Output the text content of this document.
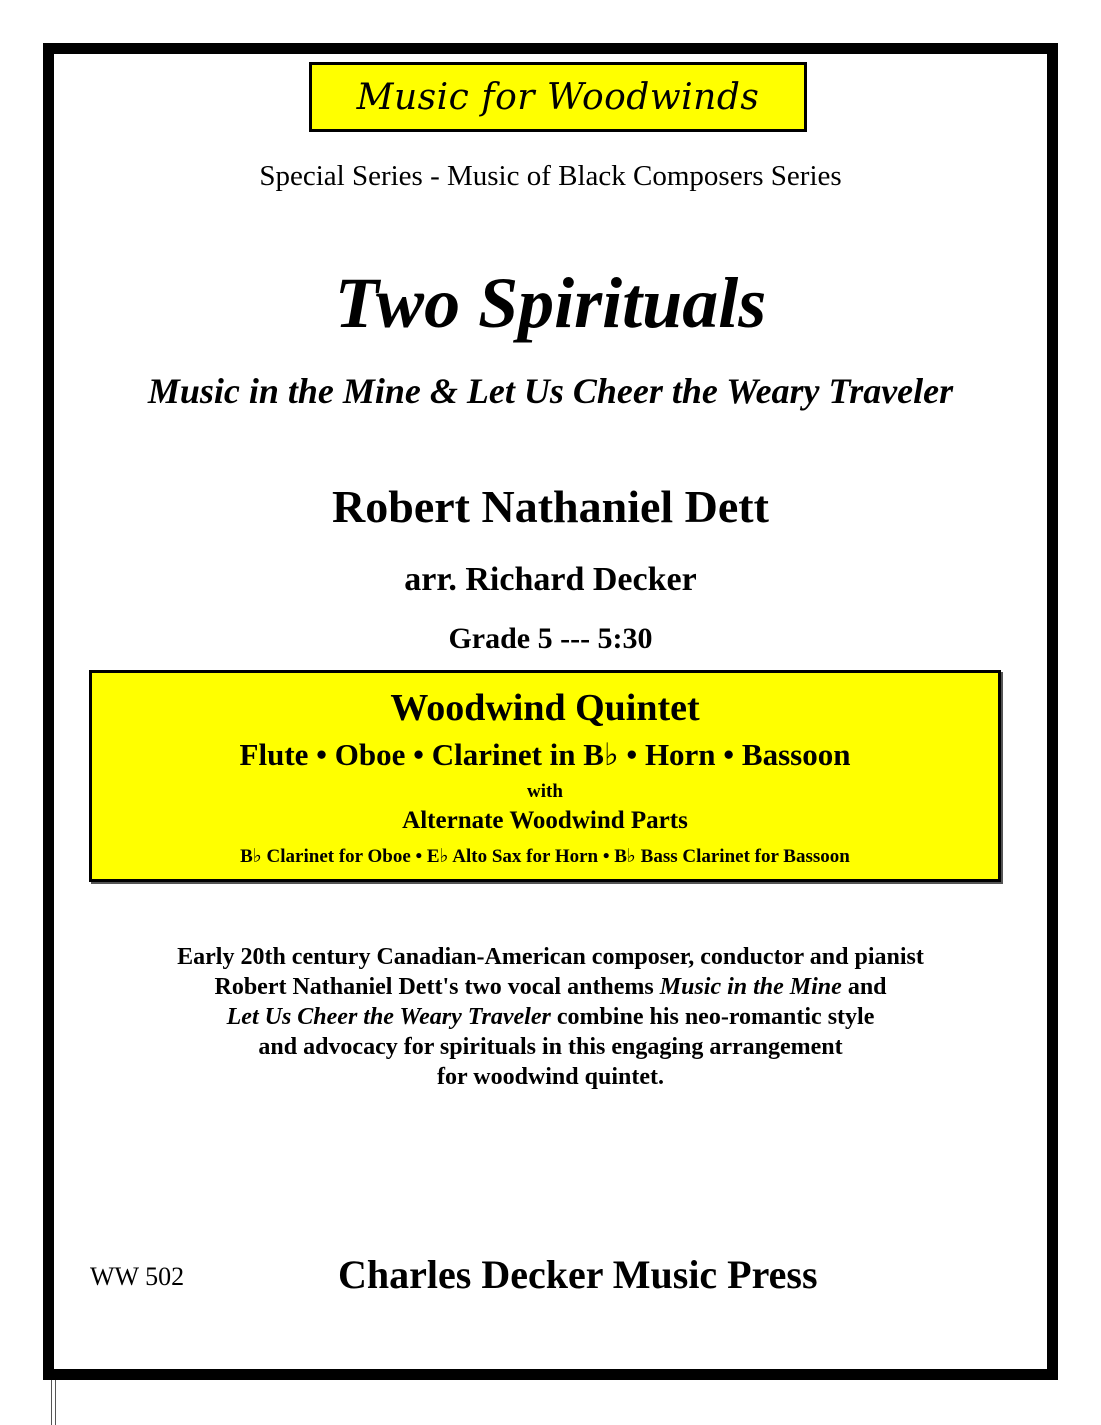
Music for Woodwinds
Special Series - Music of Black Composers Series
Two Spirituals
Music in the Mine & Let Us Cheer the Weary Traveler
Robert Nathaniel Dett
arr. Richard Decker
Grade 5 --- 5:30
Woodwind Quintet
Flute • Oboe • Clarinet in B♭ • Horn • Bassoon
with
Alternate Woodwind Parts
B♭ Clarinet for Oboe • E♭ Alto Sax for Horn • B♭ Bass Clarinet for Bassoon
Early 20th century Canadian-American composer, conductor and pianist
Robert Nathaniel Dett's two vocal anthems Music in the Mine and
Let Us Cheer the Weary Traveler combine his neo-romantic style
and advocacy for spirituals in this engaging arrangement
for woodwind quintet.
WW 502	Charles Decker Music Press
